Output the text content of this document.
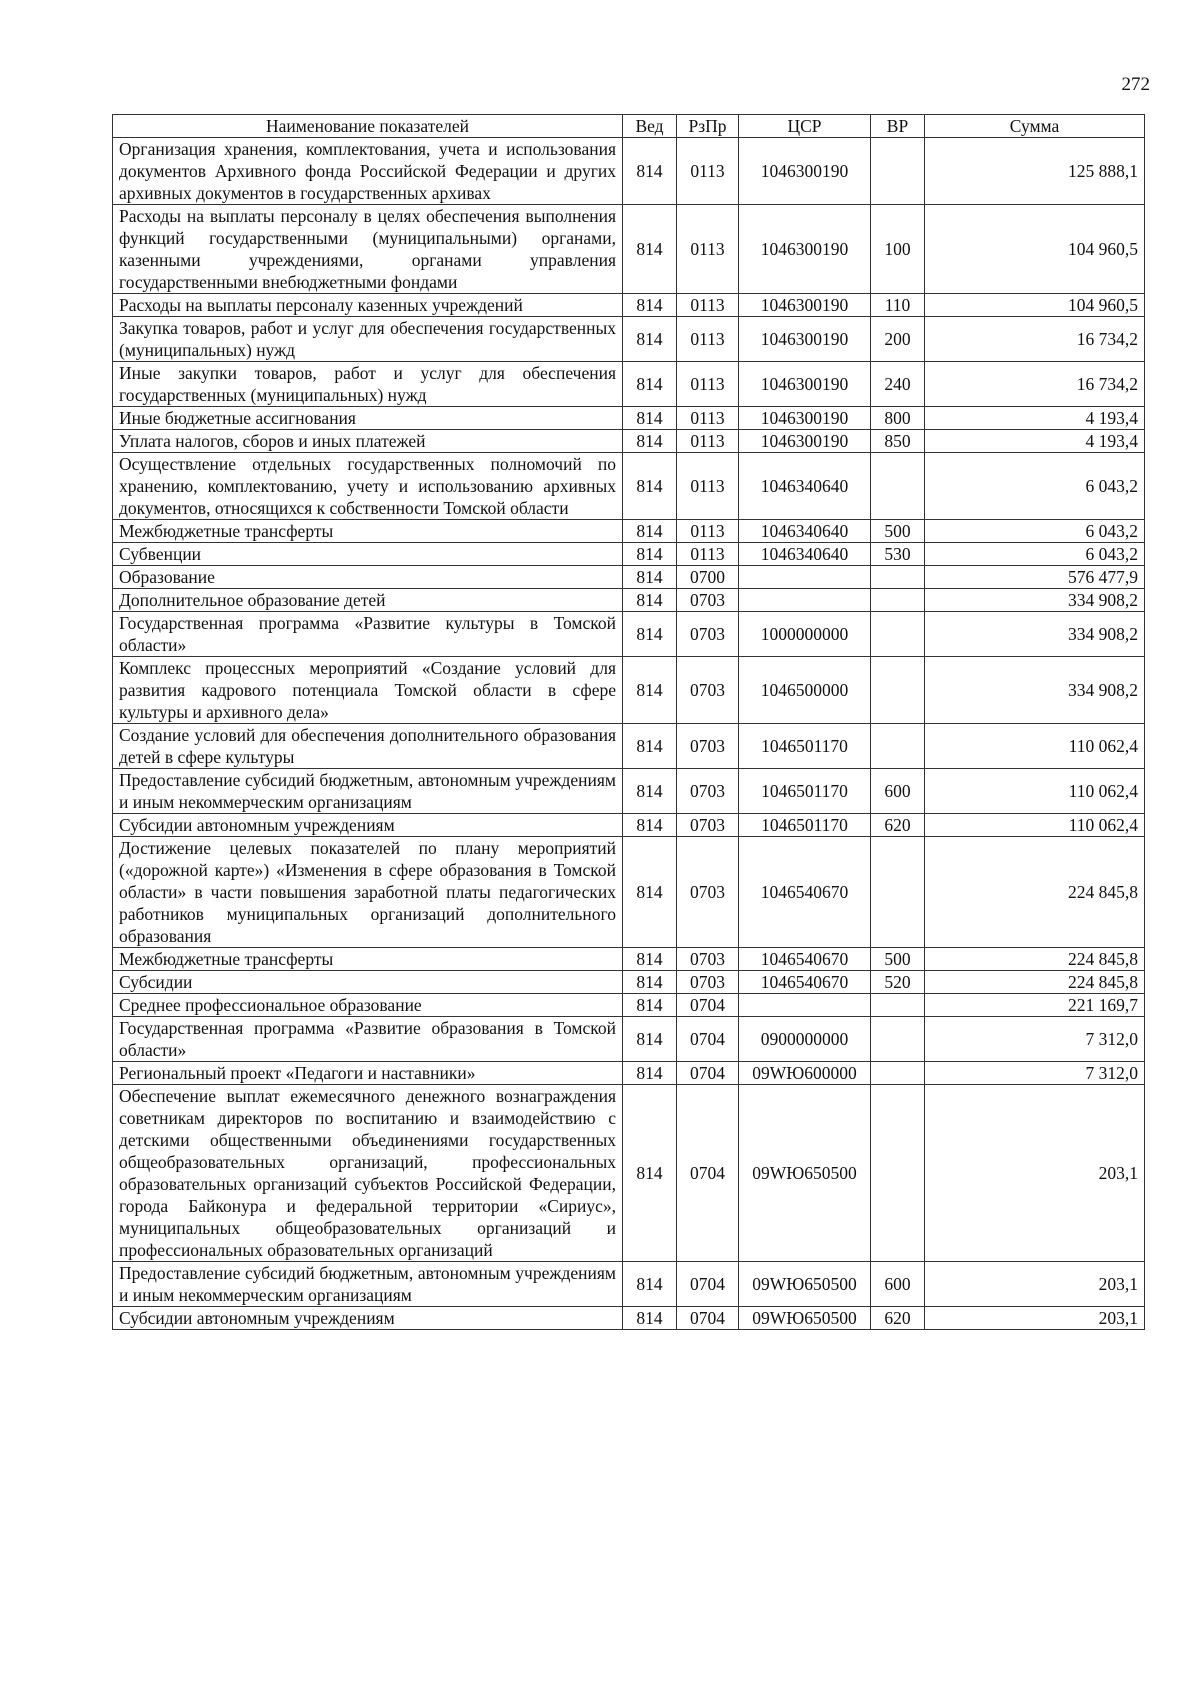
272
Наименование показателей	Вед	РзПр	ЦСР	ВР	Сумма
Организация хранения, комплектования, учета и использования документов Архивного фонда Российской Федерации и других архивных документов в государственных архивах	814	0113	1046300190		125 888,1
Расходы на выплаты персоналу в целях обеспечения выполнения функций государственными (муниципальными) органами, казенными учреждениями, органами управления государственными внебюджетными фондами	814	0113	1046300190	100	104 960,5
Расходы на выплаты персоналу казенных учреждений	814	0113	1046300190	110	104 960,5
Закупка товаров, работ и услуг для обеспечения государственных (муниципальных) нужд	814	0113	1046300190	200	16 734,2
Иные закупки товаров, работ и услуг для обеспечения государственных (муниципальных) нужд	814	0113	1046300190	240	16 734,2
Иные бюджетные ассигнования	814	0113	1046300190	800	4 193,4
Уплата налогов, сборов и иных платежей	814	0113	1046300190	850	4 193,4
Осуществление отдельных государственных полномочий по хранению, комплектованию, учету и использованию архивных документов, относящихся к собственности Томской области	814	0113	1046340640		6 043,2
Межбюджетные трансферты	814	0113	1046340640	500	6 043,2
Субвенции	814	0113	1046340640	530	6 043,2
Образование	814	0700			576 477,9
Дополнительное образование детей	814	0703			334 908,2
Государственная программа «Развитие культуры в Томской области»	814	0703	1000000000		334 908,2
Комплекс процессных мероприятий «Создание условий для развития кадрового потенциала Томской области в сфере культуры и архивного дела»	814	0703	1046500000		334 908,2
Создание условий для обеспечения дополнительного образования детей в сфере культуры	814	0703	1046501170		110 062,4
Предоставление субсидий бюджетным, автономным учреждениям и иным некоммерческим организациям	814	0703	1046501170	600	110 062,4
Субсидии автономным учреждениям	814	0703	1046501170	620	110 062,4
Достижение целевых показателей по плану мероприятий («дорожной карте») «Изменения в сфере образования в Томской области» в части повышения заработной платы педагогических работников муниципальных организаций дополнительного образования	814	0703	1046540670		224 845,8
Межбюджетные трансферты	814	0703	1046540670	500	224 845,8
Субсидии	814	0703	1046540670	520	224 845,8
Среднее профессиональное образование	814	0704			221 169,7
Государственная программа «Развитие образования в Томской области»	814	0704	0900000000		7 312,0
Региональный проект «Педагоги и наставники»	814	0704	09WЮ600000		7 312,0
Обеспечение выплат ежемесячного денежного вознаграждения советникам директоров по воспитанию и взаимодействию с детскими общественными объединениями государственных общеобразовательных организаций, профессиональных образовательных организаций субъектов Российской Федерации, города Байконура и федеральной территории «Сириус», муниципальных общеобразовательных организаций и профессиональных образовательных организаций	814	0704	09WЮ650500		203,1
Предоставление субсидий бюджетным, автономным учреждениям и иным некоммерческим организациям	814	0704	09WЮ650500	600	203,1
Субсидии автономным учреждениям	814	0704	09WЮ650500	620	203,1
